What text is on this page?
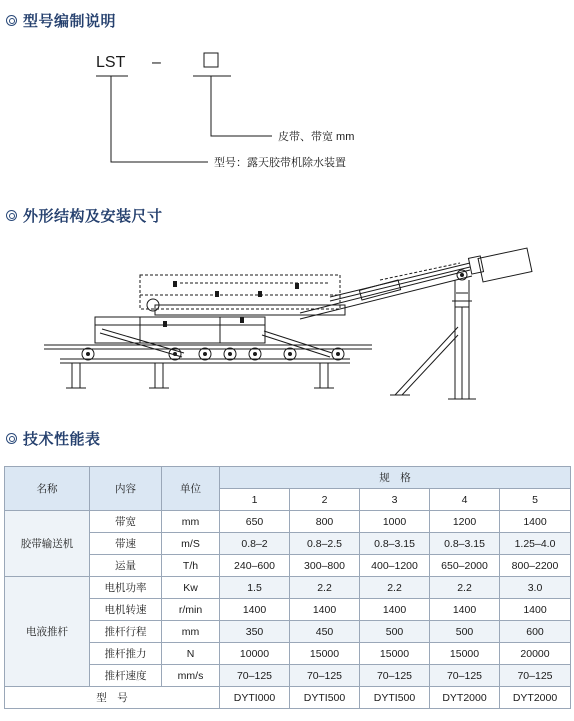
型号编制说明
LST –
皮带、带宽 mm
型号：露天胶带机除水装置
外形结构及安装尺寸
技术性能表
名称	内容	单位	规　格				
			1	2	3	4	5
胶带输送机	带宽	mm	650	800	1000	1200	1400
	带速	m/S	0.8–2	0.8–2.5	0.8–3.15	0.8–3.15	1.25–4.0
	运量	T/h	240–600	300–800	400–1200	650–2000	800–2200
电液推杆	电机功率	Kw	1.5	2.2	2.2	2.2	3.0
	电机转速	r/min	1400	1400	1400	1400	1400
	推杆行程	mm	350	450	500	500	600
	推杆推力	N	10000	15000	15000	15000	20000
	推杆速度	mm/s	70–125	70–125	70–125	70–125	70–125
型　号			DYTI000	DYTI500	DYTI500	DYT2000	DYT2000
